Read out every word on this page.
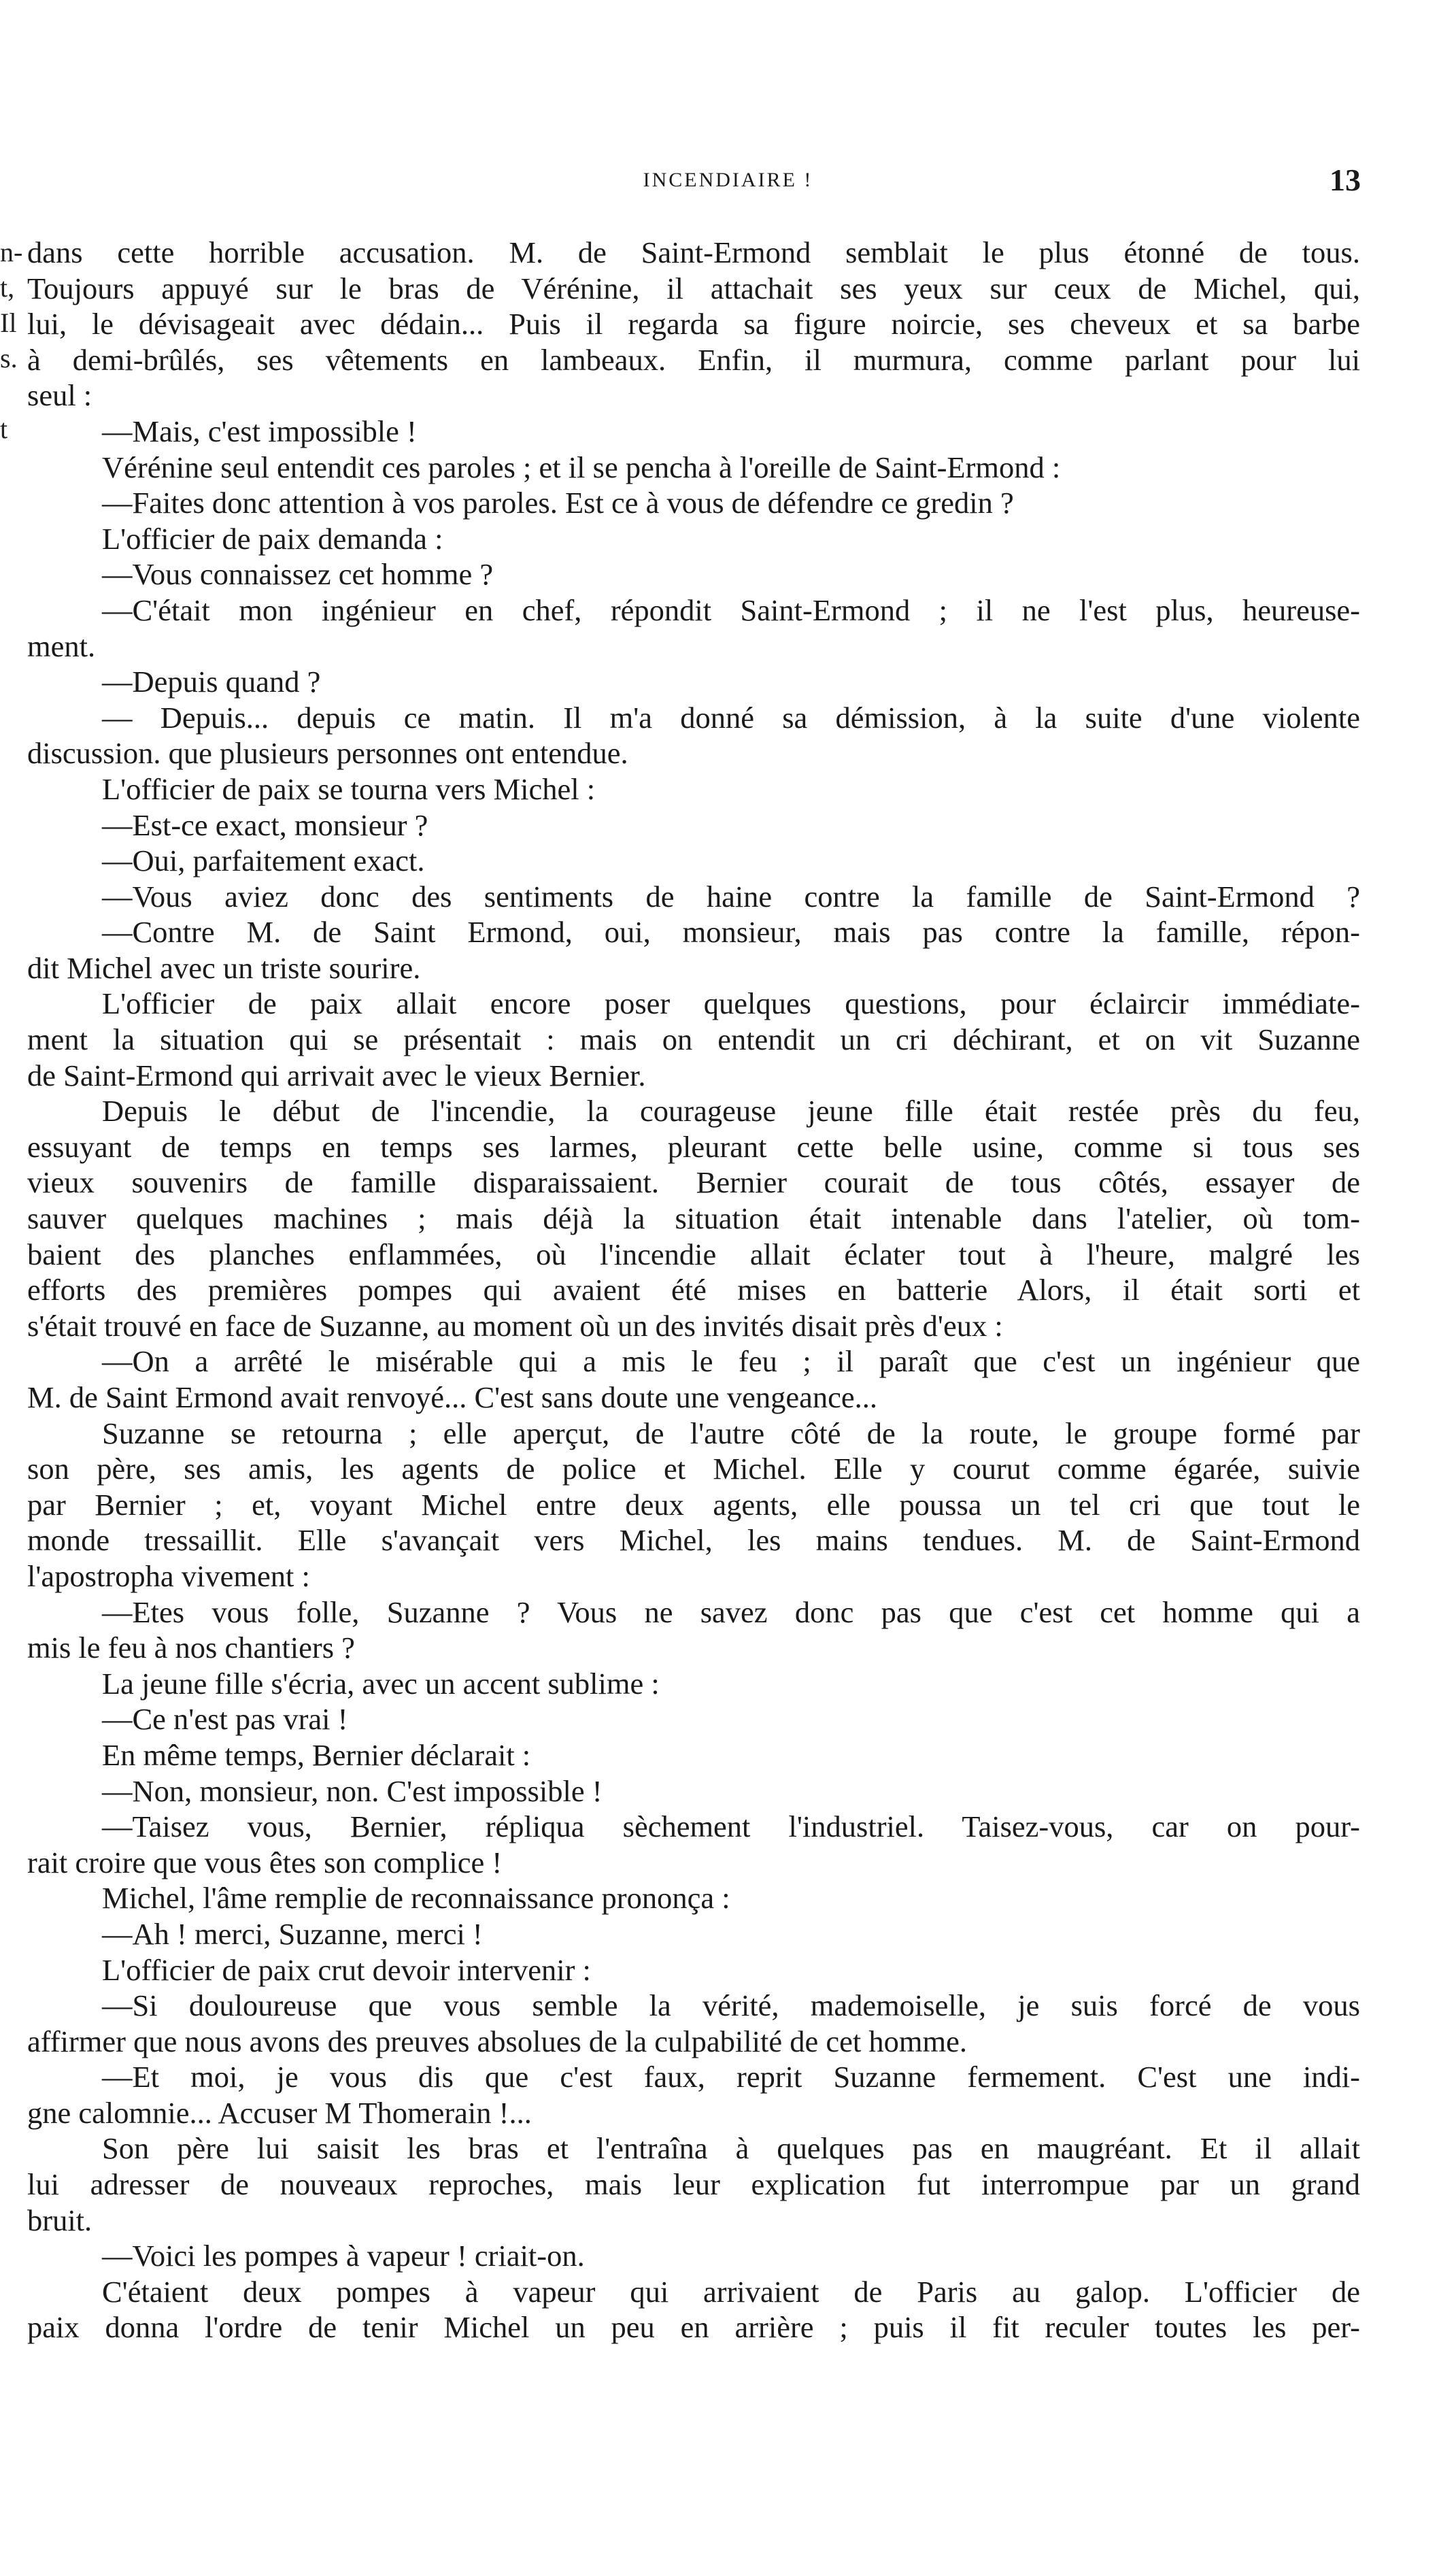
INCENDIAIRE !	13
n-
t,
Il
s.
t
dans cette horrible accusation. M. de Saint-Ermond semblait le plus étonné de tous.
Toujours appuyé sur le bras de Vérénine, il attachait ses yeux sur ceux de Michel, qui,
lui, le dévisageait avec dédain... Puis il regarda sa figure noircie, ses cheveux et sa barbe
à demi-brûlés, ses vêtements en lambeaux. Enfin, il murmura, comme parlant pour lui
seul :
—Mais, c'est impossible !
Vérénine seul entendit ces paroles ; et il se pencha à l'oreille de Saint-Ermond :
—Faites donc attention à vos paroles. Est ce à vous de défendre ce gredin ?
L'officier de paix demanda :
—Vous connaissez cet homme ?
—C'était mon ingénieur en chef, répondit Saint-Ermond ; il ne l'est plus, heureuse-
ment.
—Depuis quand ?
— Depuis... depuis ce matin. Il m'a donné sa démission, à la suite d'une violente
discussion. que plusieurs personnes ont entendue.
L'officier de paix se tourna vers Michel :
—Est-ce exact, monsieur ?
—Oui, parfaitement exact.
—Vous aviez donc des sentiments de haine contre la famille de Saint-Ermond ?
—Contre M. de Saint Ermond, oui, monsieur, mais pas contre la famille, répon-
dit Michel avec un triste sourire.
L'officier de paix allait encore poser quelques questions, pour éclaircir immédiate-
ment la situation qui se présentait : mais on entendit un cri déchirant, et on vit Suzanne
de Saint-Ermond qui arrivait avec le vieux Bernier.
Depuis le début de l'incendie, la courageuse jeune fille était restée près du feu,
essuyant de temps en temps ses larmes, pleurant cette belle usine, comme si tous ses
vieux souvenirs de famille disparaissaient. Bernier courait de tous côtés, essayer de
sauver quelques machines ; mais déjà la situation était intenable dans l'atelier, où tom-
baient des planches enflammées, où l'incendie allait éclater tout à l'heure, malgré les
efforts des premières pompes qui avaient été mises en batterie Alors, il était sorti et
s'était trouvé en face de Suzanne, au moment où un des invités disait près d'eux :
—On a arrêté le misérable qui a mis le feu ; il paraît que c'est un ingénieur que
M. de Saint Ermond avait renvoyé... C'est sans doute une vengeance...
Suzanne se retourna ; elle aperçut, de l'autre côté de la route, le groupe formé par
son père, ses amis, les agents de police et Michel. Elle y courut comme égarée, suivie
par Bernier ; et, voyant Michel entre deux agents, elle poussa un tel cri que tout le
monde tressaillit. Elle s'avançait vers Michel, les mains tendues. M. de Saint-Ermond
l'apostropha vivement :
—Etes vous folle, Suzanne ? Vous ne savez donc pas que c'est cet homme qui a
mis le feu à nos chantiers ?
La jeune fille s'écria, avec un accent sublime :
—Ce n'est pas vrai !
En même temps, Bernier déclarait :
—Non, monsieur, non. C'est impossible !
—Taisez vous, Bernier, répliqua sèchement l'industriel. Taisez-vous, car on pour-
rait croire que vous êtes son complice !
Michel, l'âme remplie de reconnaissance prononça :
—Ah ! merci, Suzanne, merci !
L'officier de paix crut devoir intervenir :
—Si douloureuse que vous semble la vérité, mademoiselle, je suis forcé de vous
affirmer que nous avons des preuves absolues de la culpabilité de cet homme.
—Et moi, je vous dis que c'est faux, reprit Suzanne fermement. C'est une indi-
gne calomnie... Accuser M Thomerain !...
Son père lui saisit les bras et l'entraîna à quelques pas en maugréant. Et il allait
lui adresser de nouveaux reproches, mais leur explication fut interrompue par un grand
bruit.
—Voici les pompes à vapeur ! criait-on.
C'étaient deux pompes à vapeur qui arrivaient de Paris au galop. L'officier de
paix donna l'ordre de tenir Michel un peu en arrière ; puis il fit reculer toutes les per-
